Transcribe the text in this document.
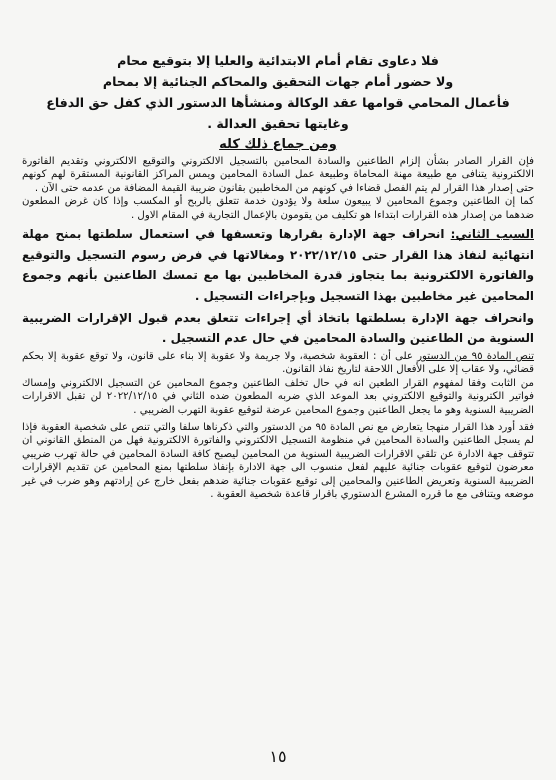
فلا دعاوى تقام أمام الابتدائية والعليا إلا بتوقيع محام

ولا حضور أمام جهات التحقيق والمحاكم الجنائية إلا بمحام

فأعمال المحامي قوامها عقد الوكالة ومنشأها الدستور الذي كفل حق الدفاع

وغايتها تحقيق العدالة .

ومن جماع ذلك كله

فإن القرار الصادر بشأن إلزام الطاعنين والسادة المحامين بالتسجيل الالكتروني والتوقيع الالكتروني وتقديم الفاتورة الالكترونية يتنافى مع طبيعة مهنة المحاماة وطبيعة عمل السادة المحامين ويمس المراكز القانونية المستقرة لهم كونهم حتى إصدار هذا القرار لم يتم الفصل قضاءا في كونهم من المخاطبين بقانون ضريبة القيمة المضافة من عدمه حتى الآن .

كما إن الطاعنين وجموع المحامين لا يبيعون سلعة ولا يؤدون خدمة تتعلق بالربح أو المكسب وإذا كان غرض المطعون ضدهما من إصدار هذه القرارات ابتداءا هو تكليف من يقومون بالإعمال التجارية في المقام الاول .

السبب الثاني: انحراف جهة الإدارة بقرارها وتعسفها في استعمال سلطتها بمنح مهلة انتهائية لنفاذ هذا القرار حتى ٢٠٢٢/١٢/١٥ ومغالاتها في فرض رسوم التسجيل والتوقيع والفاتورة الالكترونية بما يتجاوز قدرة المخاطبين بها مع تمسك الطاعنين بأنهم وجموع المحامين غير مخاطبين بهذا التسجيل وبإجراءات التسجيل .

وانحراف جهة الإدارة بسلطتها باتخاذ أي إجراءات تتعلق بعدم قبول الإقرارات الضريبية السنوية من الطاعنين والسادة المحامين في حال عدم التسجيل .

تنص المادة ٩٥ من الدستور على أن : العقوبة شخصية، ولا جريمة ولا عقوبة إلا بناء على قانون، ولا توقع عقوبة إلا بحكم قضائي، ولا عقاب إلا على الأفعال اللاحقة لتاريخ نفاذ القانون.

من الثابت وفقا لمفهوم القرار الطعين انه في حال تخلف الطاعنين وجموع المحامين عن التسجيل الالكتروني وإمساك فواتير الكترونية والتوقيع الالكتروني بعد الموعد الذي ضربه المطعون ضده الثاني في ٢٠٢٢/١٢/١٥ لن تقبل الاقرارات الضريبية السنوية وهو ما يجعل الطاعنين وجموع المحامين عرضة لتوقيع عقوبة التهرب الضريبي .

فقد أورد هذا القرار منهجا يتعارض مع نص المادة ٩٥ من الدستور والتي ذكرناها سلفا والتي تنص على شخصية العقوبة فإذا لم يسجل الطاعنين والسادة المحامين في منظومة التسجيل الالكتروني والفاتورة الالكترونية فهل من المنطق القانوني ان تتوقف جهة الادارة عن تلقي الاقرارات الضريبية السنوية من المحامين ليصبح كافة السادة المحامين في حالة تهرب ضريبي معرضون لتوقيع عقوبات جنائية عليهم لفعل منسوب الى جهة الادارة بإنفاذ سلطتها بمنع المحامين عن تقديم الإقرارات الضريبية السنوية وتعريض الطاعنين والمحامين إلى توقيع عقوبات جنائية ضدهم بفعل خارج عن إرادتهم وهو ضرب في غير موضعه ويتنافى مع ما قرره المشرع الدستوري باقرار قاعدة شخصية العقوبة .

١٥
